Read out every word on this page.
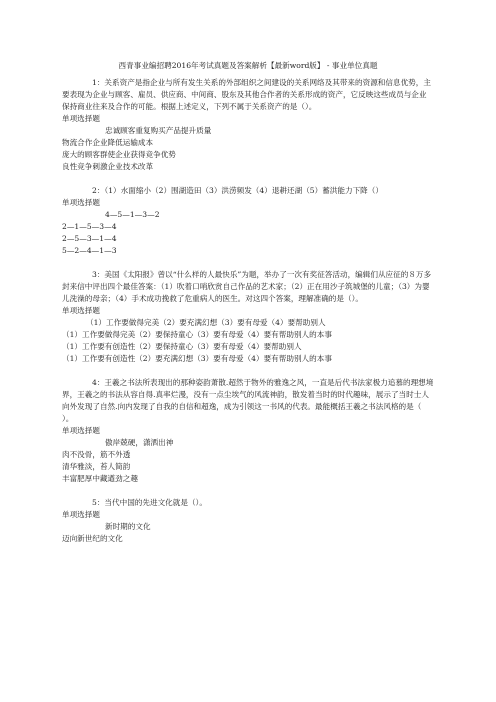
西青事业编招聘2016年考试真题及答案解析【最新word版】 - 事业单位真题

1：关系资产是指企业与所有发生关系的外部组织之间建设的关系网络及其带来的资源和信息优势，主要表现为企业与顾客、雇员、供应商、中间商、股东及其他合作者的关系形成的资产，它反映这些成员与企业保持商业往来及合作的可能。根据上述定义，下列不属于关系资产的是（）。

单项选择题

忠诚顾客重复购买产品提升质量

物流合作企业降低运输成本

庞大的顾客群使企业获得竞争优势

良性竞争刺激企业技术改革

2：（1）水面缩小（2）围湖造田（3）洪涝频发（4）退耕还湖（5）蓄洪能力下降（）

单项选择题

4—5—1—3—2

2—1—5—3—4

2—5—3—1—4

5—2—4—1—3

3：美国《太阳报》曾以“什么样的人最快乐”为题，举办了一次有奖征答活动，编辑们从应征的８万多封来信中评出四个最佳答案：（1）吹着口哨欣赏自己作品的艺术家；（2）正在用沙子筑城堡的儿童；（3）为婴儿洗澡的母亲；（4）手术成功挽救了危重病人的医生。对这四个答案，理解准确的是（）。

单项选择题

（1）工作要做得完美（2）要充满幻想（3）要有母爱（4）要帮助别人

（1）工作要做得完美（2）要保持童心（3）要有母爱（4）要有帮助别人的本事

（1）工作要有创造性（2）要保持童心（3）要有母爱（4）要帮助别人

（1）工作要有创造性（2）要充满幻想（3）要有母爱（4）要有帮助别人的本事

4：王羲之书法所表现出的那种姿韵萧散.超然于物外的雅逸之风，一直是后代书法家极力追慕的理想境界，王羲之的书法从容自得.真率烂漫，没有一点尘埃气的风流神韵，散发着当时的时代趣味，展示了当时士人向外发现了自然.向内发现了自我的自信和超逸，成为引领这一书风的代表。最能概括王羲之书法风格的是（ ）。

单项选择题

傲岸兢硬，潇洒出神

肉不没骨，筋不外透

清华雅淡，苔人简韵

丰富肥厚中藏遒劲之趣

5：当代中国的先进文化就是（）。

单项选择题

新时期的文化

迈向新世纪的文化
